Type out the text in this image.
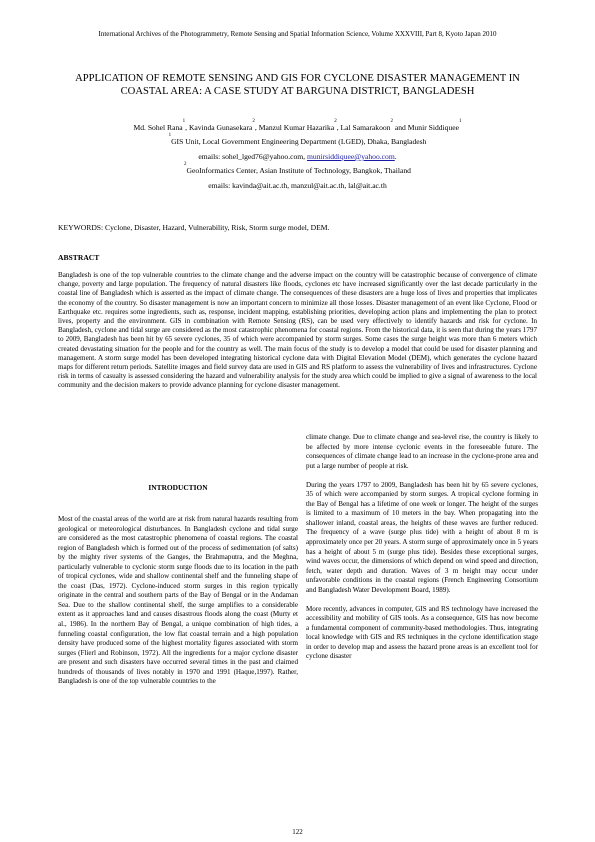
International Archives of the Photogrammetry, Remote Sensing and Spatial Information Science, Volume XXXVIII, Part 8, Kyoto Japan 2010
APPLICATION OF REMOTE SENSING AND GIS FOR CYCLONE DISASTER MANAGEMENT IN COASTAL AREA: A CASE STUDY AT BARGUNA DISTRICT, BANGLADESH
Md. Sohel Rana$^1$, Kavinda Gunasekara$^2$, Manzul Kumar Hazarika$^2$, Lal Samarakoon$^2$ and Munir Siddiquee$^1$
$^1$GIS Unit, Local Government Engineering Department (LGED), Dhaka, Bangladesh
emails: sohel_lged76@yahoo.com, munirsiddiquee@yahoo.com.
$^2$GeoInformatics Center, Asian Institute of Technology, Bangkok, Thailand
emails: kavinda@ait.ac.th, manzul@ait.ac.th, lal@ait.ac.th
KEYWORDS: Cyclone, Disaster, Hazard, Vulnerability, Risk, Storm surge model, DEM.
ABSTRACT
Bangladesh is one of the top vulnerable countries to the climate change and the adverse impact on the country will be catastrophic because of convergence of climate change, poverty and large population. The frequency of natural disasters like floods, cyclones etc have increased significantly over the last decade particularly in the coastal line of Bangladesh which is asserted as the impact of climate change. The consequences of these disasters are a huge loss of lives and properties that implicates the economy of the country. So disaster management is now an important concern to minimize all those losses. Disaster management of an event like Cyclone, Flood or Earthquake etc. requires some ingredients, such as, response, incident mapping, establishing priorities, developing action plans and implementing the plan to protect lives, property and the environment. GIS in combination with Remote Sensing (RS), can be used very effectively to identify hazards and risk for cyclone. In Bangladesh, cyclone and tidal surge are considered as the most catastrophic phenomena for coastal regions. From the historical data, it is seen that during the years 1797 to 2009, Bangladesh has been hit by 65 severe cyclones, 35 of which were accompanied by storm surges. Some cases the surge height was more than 6 meters which created devastating situation for the people and for the country as well. The main focus of the study is to develop a model that could be used for disaster planning and management. A storm surge model has been developed integrating historical cyclone data with Digital Elevation Model (DEM), which generates the cyclone hazard maps for different return periods. Satellite images and field survey data are used in GIS and RS platform to assess the vulnerability of lives and infrastructures. Cyclone risk in terms of casualty is assessed considering the hazard and vulnerability analysis for the study area which could be implied to give a signal of awareness to the local community and the decision makers to provide advance planning for cyclone disaster management.
INTRODUCTION

Most of the coastal areas of the world are at risk from natural hazards resulting from geological or meteorological disturbances. In Bangladesh cyclone and tidal surge are considered as the most catastrophic phenomena of coastal regions. The coastal region of Bangladesh which is formed out of the process of sedimentation (of salts) by the mighty river systems of the Ganges, the Brahmaputra, and the Meghna, particularly vulnerable to cyclonic storm surge floods due to its location in the path of tropical cyclones, wide and shallow continental shelf and the funneling shape of the coast (Das, 1972). Cyclone-induced storm surges in this region typically originate in the central and southern parts of the Bay of Bengal or in the Andaman Sea. Due to the shallow continental shelf, the surge amplifies to a considerable extent as it approaches land and causes disastrous floods along the coast (Murty et al., 1986). In the northern Bay of Bengal, a unique combination of high tides, a funneling coastal configuration, the low flat coastal terrain and a high population density have produced some of the highest mortality figures associated with storm surges (Flierl and Robinson, 1972). All the ingredients for a major cyclone disaster are present and such disasters have occurred several times in the past and claimed hundreds of thousands of lives notably in 1970 and 1991 (Haque,1997). Rather, Bangladesh is one of the top vulnerable countries to the

climate change. Due to climate change and sea-level rise, the country is likely to be affected by more intense cyclonic events in the foreseeable future. The consequences of climate change lead to an increase in the cyclone-prone area and put a large number of people at risk.

During the years 1797 to 2009, Bangladesh has been hit by 65 severe cyclones, 35 of which were accompanied by storm surges. A tropical cyclone forming in the Bay of Bengal has a lifetime of one week or longer. The height of the surges is limited to a maximum of 10 meters in the bay. When propagating into the shallower inland, coastal areas, the heights of these waves are further reduced. The frequency of a wave (surge plus tide) with a height of about 8 m is approximately once per 20 years. A storm surge of approximately once in 5 years has a height of about 5 m (surge plus tide). Besides these exceptional surges, wind waves occur, the dimensions of which depend on wind speed and direction, fetch, water depth and duration. Waves of 3 m height may occur under unfavorable conditions in the coastal regions (French Engineering Consortium and Bangladesh Water Development Board, 1989).

More recently, advances in computer, GIS and RS technology have increased the accessibility and mobility of GIS tools. As a consequence, GIS has now become a fundamental component of community-based methodologies. Thus, integrating local knowledge with GIS and RS techniques in the cyclone identification stage in order to develop map and assess the hazard prone areas is an excellent tool for cyclone disaster

122
